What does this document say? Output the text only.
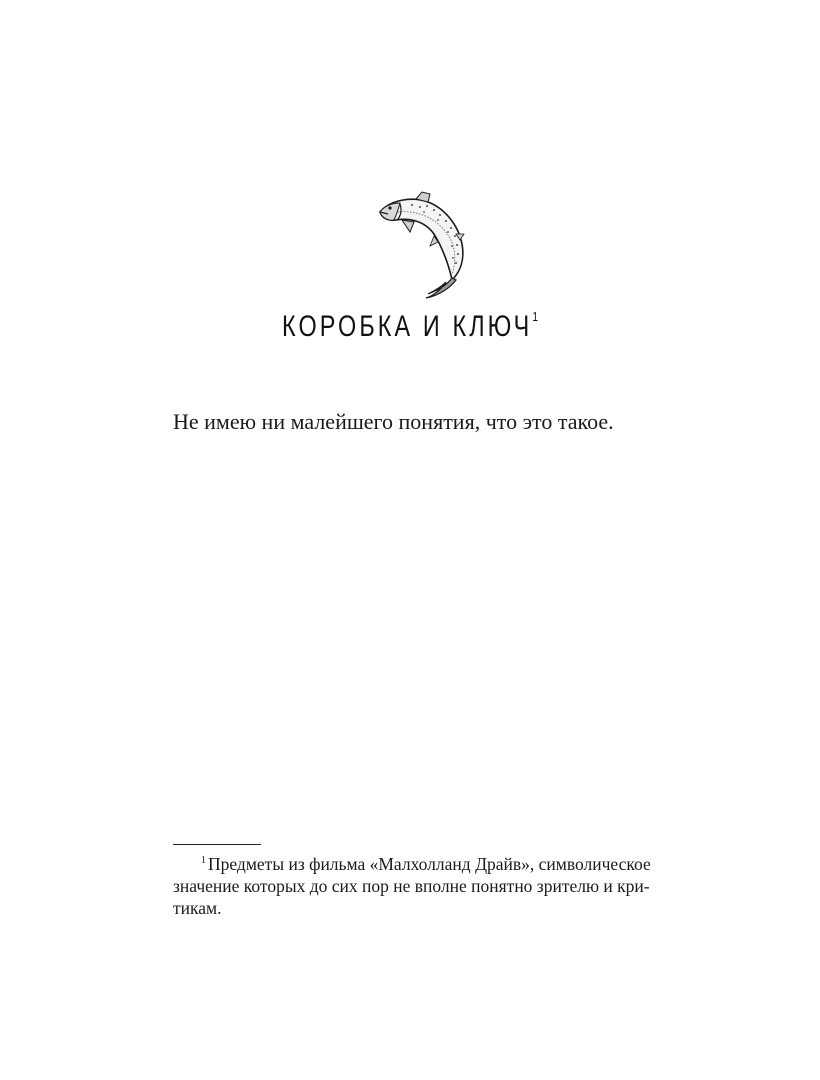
КОРОБКА И КЛЮЧ$^1$
Не имею ни малейшего понятия, что это такое.
$^1$ Предметы из фильма «Малхолланд Драйв», символическое
значение которых до сих пор не вполне понятно зрителю и кри-
тикам.
